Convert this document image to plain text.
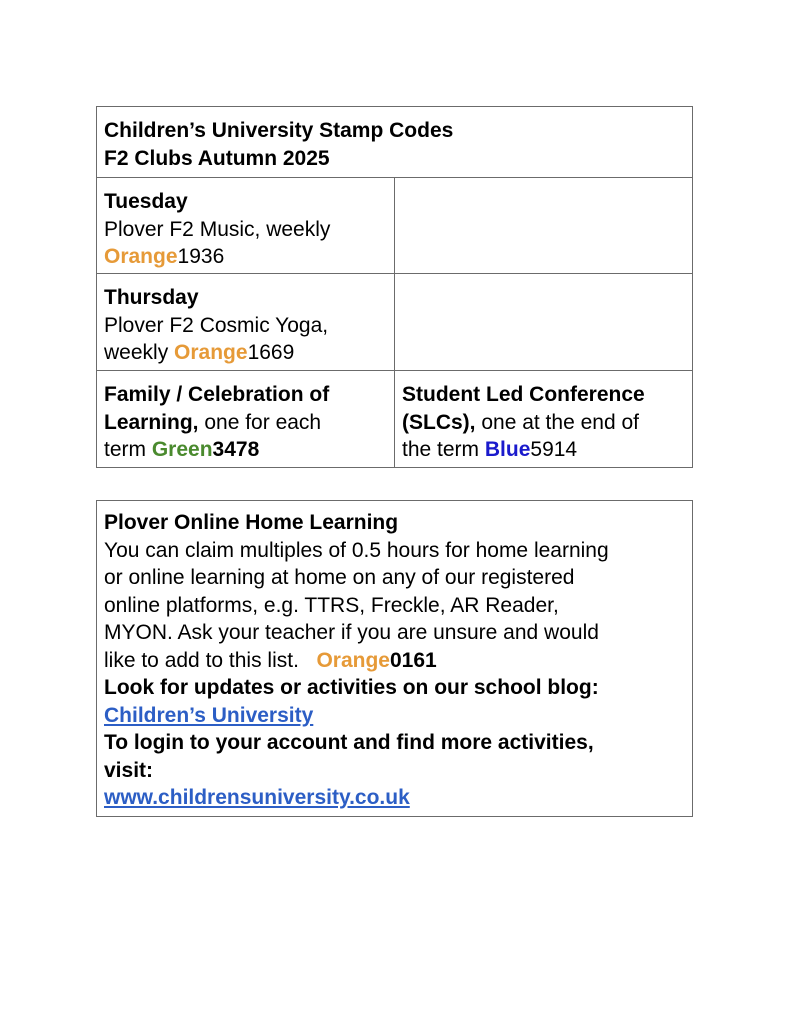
Children’s University Stamp Codes
F2 Clubs Autumn 2025
Tuesday
Plover F2 Music, weekly
Orange1936
Thursday
Plover F2 Cosmic Yoga,
weekly Orange1669
Family / Celebration of
Learning, one for each
term Green3478
Student Led Conference
(SLCs), one at the end of
the term Blue5914
Plover Online Home Learning
You can claim multiples of 0.5 hours for home learning
or online learning at home on any of our registered
online platforms, e.g. TTRS, Freckle, AR Reader,
MYON. Ask your teacher if you are unsure and would
like to add to this list.   Orange0161
Look for updates or activities on our school blog:
Children’s University
To login to your account and find more activities,
visit:
www.childrensuniversity.co.uk
